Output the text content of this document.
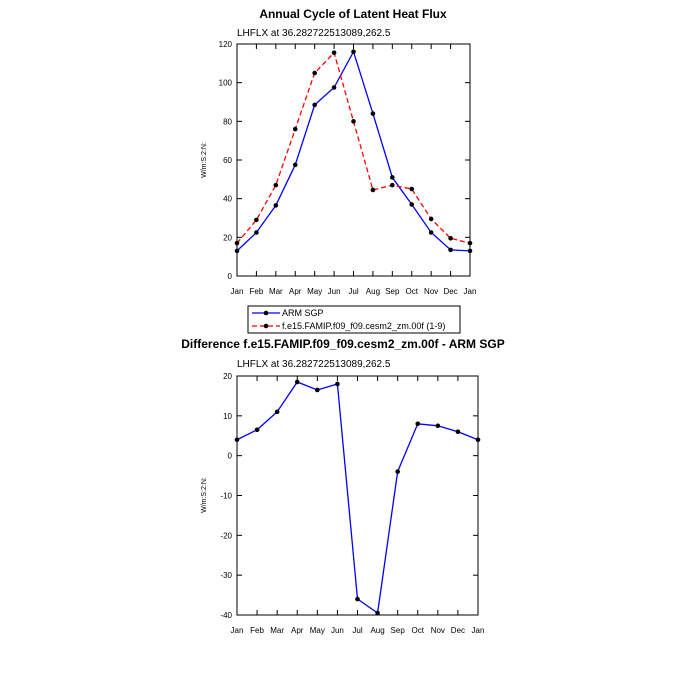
Annual Cycle of Latent Heat Flux
LHFLX at 36.282722513089,262.5
W/m:S:2:N:
0
20
40
60
80
100
120
Jan Feb Mar Apr May Jun Jul Aug Sep Oct Nov Dec Jan
ARM SGP
f.e15.FAMIP.f09_f09.cesm2_zm.00f (1-9)
Difference f.e15.FAMIP.f09_f09.cesm2_zm.00f - ARM SGP
LHFLX at 36.282722513089,262.5
W/m:S:2:N:
-40
-30
-20
-10
0
10
20
Jan Feb Mar Apr May Jun Jul Aug Sep Oct Nov Dec Jan
